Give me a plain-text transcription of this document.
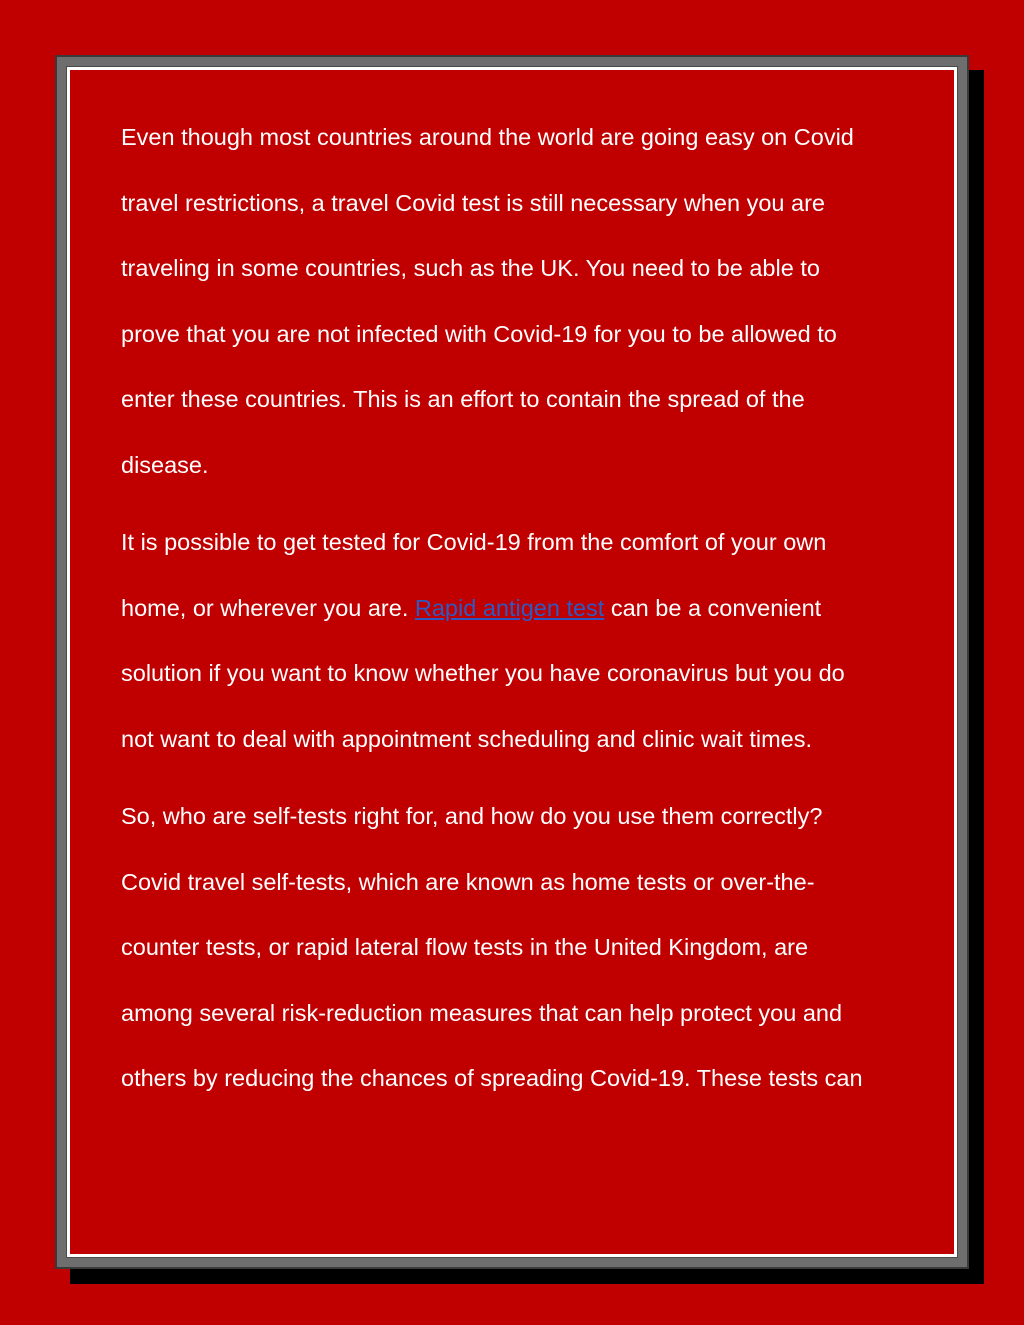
Even though most countries around the world are going easy on Covid
travel restrictions, a travel Covid test is still necessary when you are
traveling in some countries, such as the UK. You need to be able to
prove that you are not infected with Covid-19 for you to be allowed to
enter these countries. This is an effort to contain the spread of the
disease.

It is possible to get tested for Covid-19 from the comfort of your own
home, or wherever you are. Rapid antigen test can be a convenient
solution if you want to know whether you have coronavirus but you do
not want to deal with appointment scheduling and clinic wait times.

So, who are self-tests right for, and how do you use them correctly?
Covid travel self-tests, which are known as home tests or over-the-
counter tests, or rapid lateral flow tests in the United Kingdom, are
among several risk-reduction measures that can help protect you and
others by reducing the chances of spreading Covid-19. These tests can
